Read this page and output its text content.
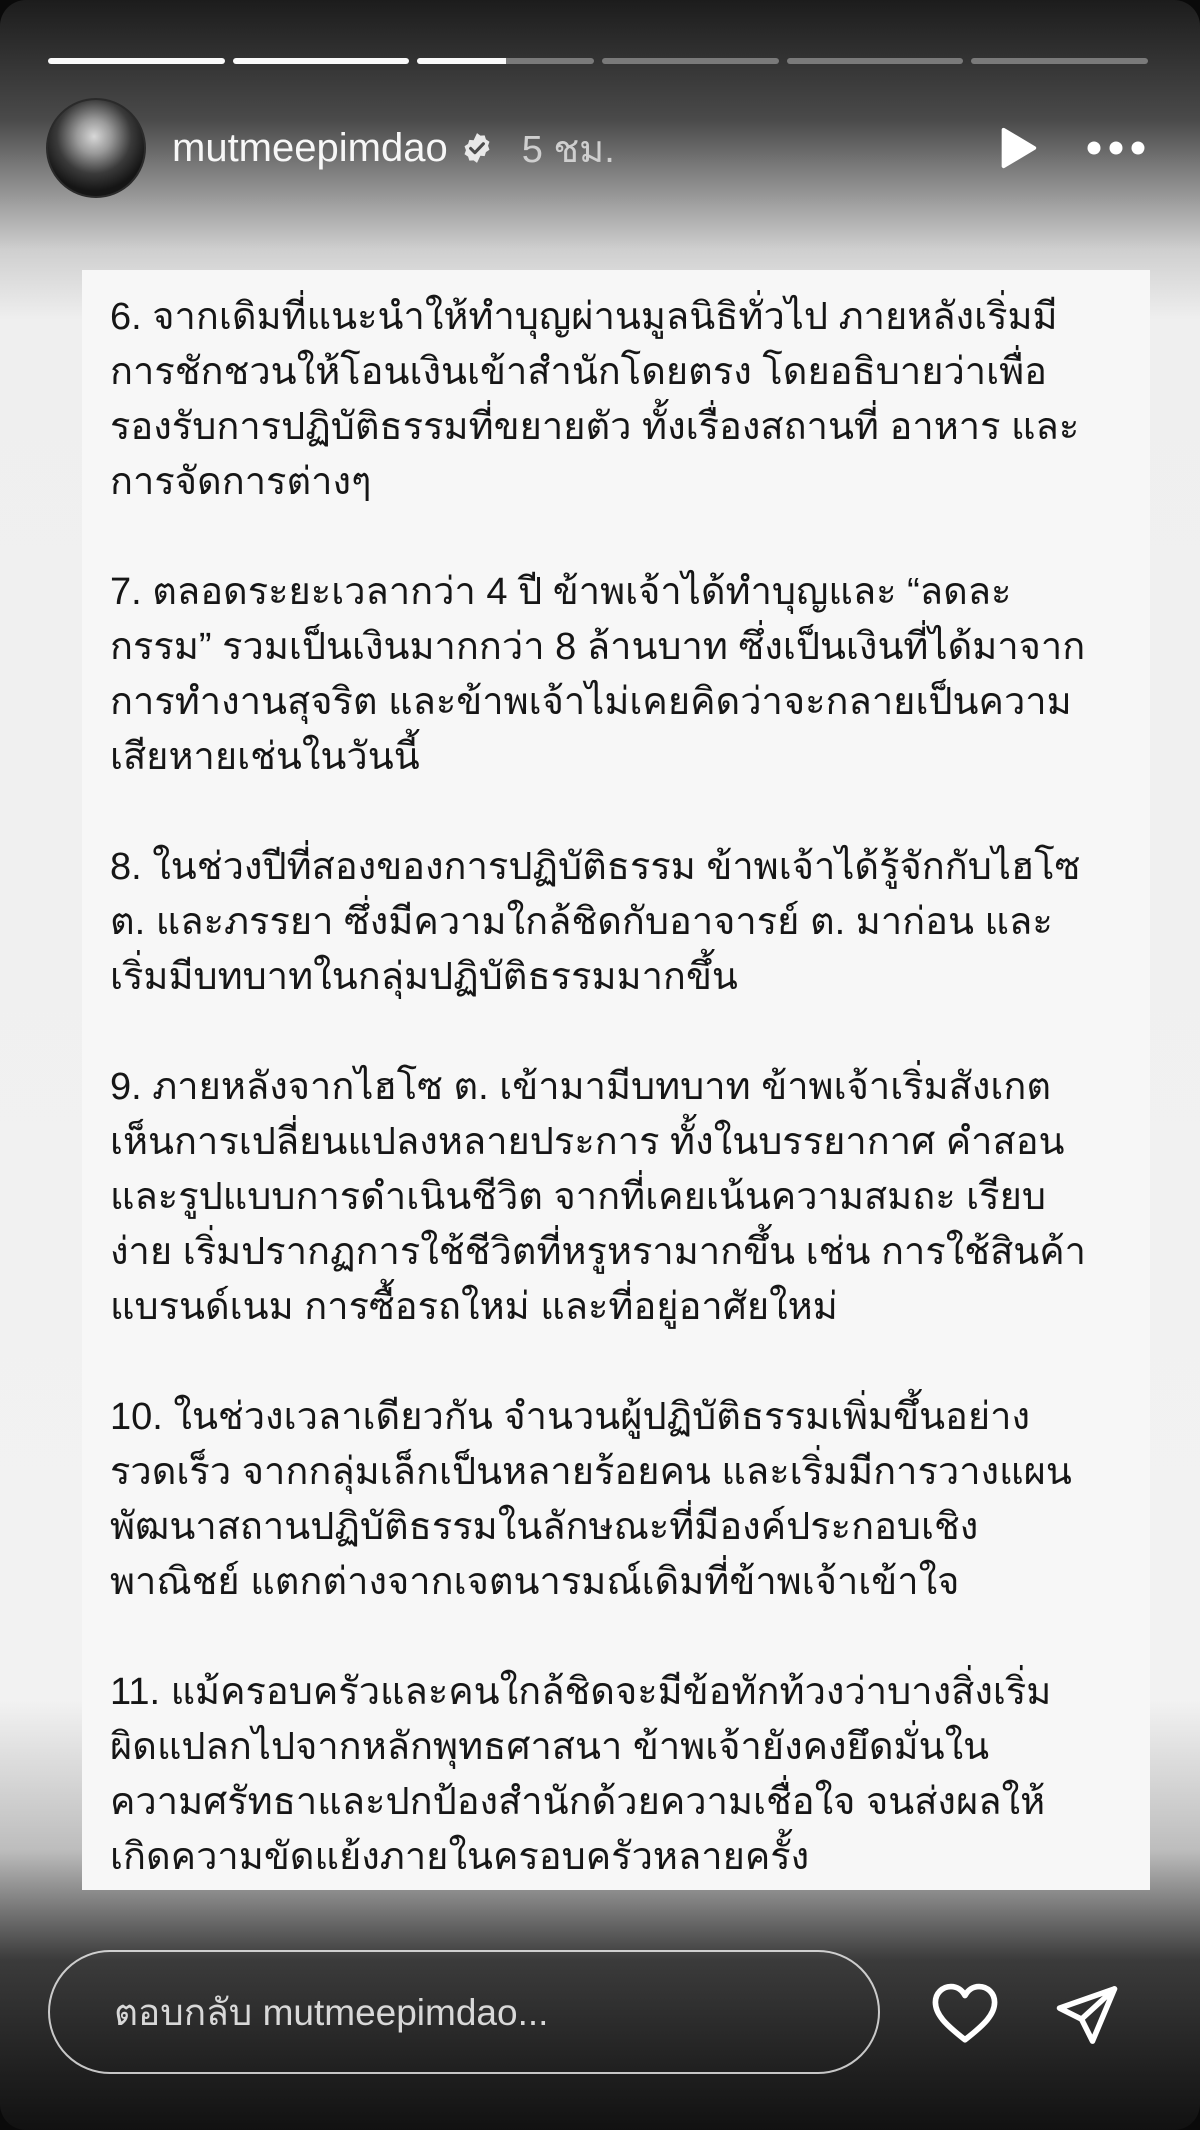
mutmeepimdao 5 ชม.

6. จากเดิมที่แนะนำให้ทำบุญผ่านมูลนิธิทั่วไป ภายหลังเริ่มมี
การชักชวนให้โอนเงินเข้าสำนักโดยตรง โดยอธิบายว่าเพื่อ
รองรับการปฏิบัติธรรมที่ขยายตัว ทั้งเรื่องสถานที่ อาหาร และ
การจัดการต่างๆ

7. ตลอดระยะเวลากว่า 4 ปี ข้าพเจ้าได้ทำบุญและ “ลดละ
กรรม” รวมเป็นเงินมากกว่า 8 ล้านบาท ซึ่งเป็นเงินที่ได้มาจาก
การทำงานสุจริต และข้าพเจ้าไม่เคยคิดว่าจะกลายเป็นความ
เสียหายเช่นในวันนี้

8. ในช่วงปีที่สองของการปฏิบัติธรรม ข้าพเจ้าได้รู้จักกับไฮโซ
ต. และภรรยา ซึ่งมีความใกล้ชิดกับอาจารย์ ต. มาก่อน และ
เริ่มมีบทบาทในกลุ่มปฏิบัติธรรมมากขึ้น

9. ภายหลังจากไฮโซ ต. เข้ามามีบทบาท ข้าพเจ้าเริ่มสังเกต
เห็นการเปลี่ยนแปลงหลายประการ ทั้งในบรรยากาศ คำสอน
และรูปแบบการดำเนินชีวิต จากที่เคยเน้นความสมถะ เรียบ
ง่าย เริ่มปรากฏการใช้ชีวิตที่หรูหรามากขึ้น เช่น การใช้สินค้า
แบรนด์เนม การซื้อรถใหม่ และที่อยู่อาศัยใหม่

10. ในช่วงเวลาเดียวกัน จำนวนผู้ปฏิบัติธรรมเพิ่มขึ้นอย่าง
รวดเร็ว จากกลุ่มเล็กเป็นหลายร้อยคน และเริ่มมีการวางแผน
พัฒนาสถานปฏิบัติธรรมในลักษณะที่มีองค์ประกอบเชิง
พาณิชย์ แตกต่างจากเจตนารมณ์เดิมที่ข้าพเจ้าเข้าใจ

11. แม้ครอบครัวและคนใกล้ชิดจะมีข้อทักท้วงว่าบางสิ่งเริ่ม
ผิดแปลกไปจากหลักพุทธศาสนา ข้าพเจ้ายังคงยึดมั่นใน
ความศรัทธาและปกป้องสำนักด้วยความเชื่อใจ จนส่งผลให้
เกิดความขัดแย้งภายในครอบครัวหลายครั้ง

ตอบกลับ mutmeepimdao...
